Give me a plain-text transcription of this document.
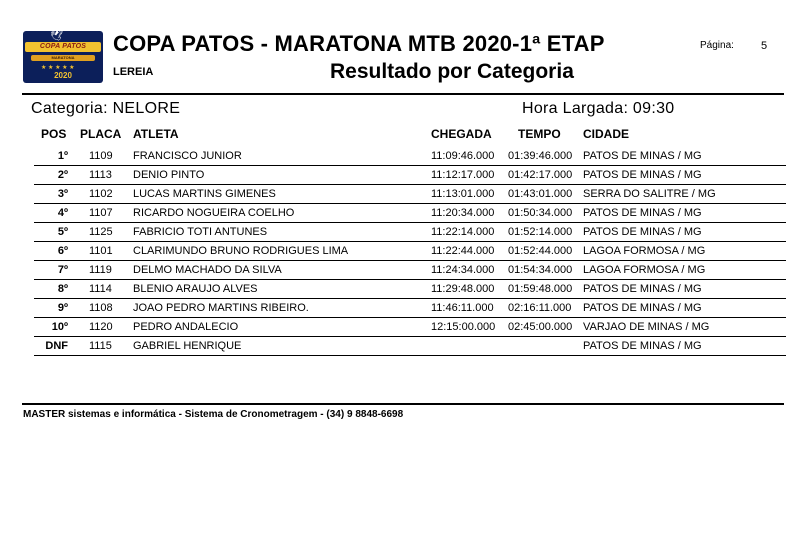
🕊
COPA PATOS
MARATONA
★ ★ ★ ★ ★
2020
COPA PATOS - MARATONA MTB 2020-1ª ETAP	Página: 5
LEREIA	Resultado por Categoria
Categoria: NELORE	Hora Largada: 09:30
POS PLACA ATLETA	CHEGADA TEMPO CIDADE
1º 1109 FRANCISCO JUNIOR	11:09:46.000 01:39:46.000 PATOS DE MINAS / MG
2º 1113 DENIO PINTO	11:12:17.000 01:42:17.000 PATOS DE MINAS / MG
3º 1102 LUCAS MARTINS GIMENES	11:13:01.000 01:43:01.000 SERRA DO SALITRE / MG
4º 1107 RICARDO NOGUEIRA COELHO	11:20:34.000 01:50:34.000 PATOS DE MINAS / MG
5º 1125 FABRICIO TOTI ANTUNES	11:22:14.000 01:52:14.000 PATOS DE MINAS / MG
6º 1101 CLARIMUNDO BRUNO RODRIGUES LIMA	11:22:44.000 01:52:44.000 LAGOA FORMOSA / MG
7º 1119 DELMO MACHADO DA SILVA	11:24:34.000 01:54:34.000 LAGOA FORMOSA / MG
8º 1114 BLENIO ARAUJO ALVES	11:29:48.000 01:59:48.000 PATOS DE MINAS / MG
9º 1108 JOAO PEDRO MARTINS RIBEIRO.	11:46:11.000 02:16:11.000 PATOS DE MINAS / MG
10º 1120 PEDRO ANDALECIO	12:15:00.000 02:45:00.000 VARJAO DE MINAS / MG
DNF 1115 GABRIEL HENRIQUE	PATOS DE MINAS / MG
MASTER sistemas e informática - Sistema de Cronometragem - (34) 9 8848-6698
